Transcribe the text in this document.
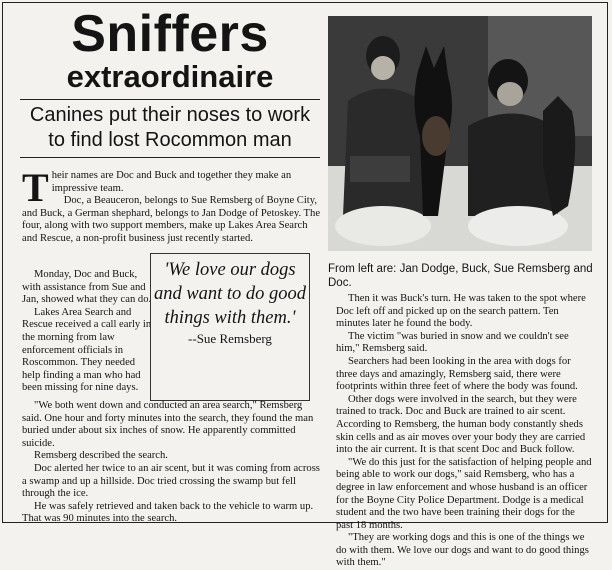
Sniffers
extraordinaire
Canines put their noses to work to find lost Rocommon man

Their names are Doc and Buck and together they make an impressive team.

Doc, a Beauceron, belongs to Sue Remsberg of Boyne City, and Buck, a German shephard, belongs to Jan Dodge of Petoskey. The four, along with two support members, make up Lakes Area Search and Rescue, a non-profit business just recently started.

Monday, Doc and Buck, with assistance from Sue and Jan, showed what they can do.

Lakes Area Search and Rescue received a call early in the morning from law enforcement officials in Roscommon. They needed help finding a man who had been missing for nine days.

"We both went down and conducted an area search," Remsberg said. One hour and forty minutes into the search, they found the man buried under about six inches of snow. He apparently committed suicide.

Remsberg described the search.

Doc alerted her twice to an air scent, but it was coming from across a swamp and up a hillside. Doc tried crossing the swamp but fell through the ice.

He was safely retrieved and taken back to the vehicle to warm up. That was 90 minutes into the search.

'We love our dogs and want to do good things with them.'
--Sue Remsberg
From left are: Jan Dodge, Buck, Sue Remsberg and Doc.

Then it was Buck's turn. He was taken to the spot where Doc left off and picked up on the search pattern. Ten minutes later he found the body.

The victim "was buried in snow and we couldn't see him," Remsberg said.

Searchers had been looking in the area with dogs for three days and amazingly, Remsberg said, there were footprints within three feet of where the body was found.

Other dogs were involved in the search, but they were trained to track. Doc and Buck are trained to air scent. According to Remsberg, the human body constantly sheds skin cells and as air moves over your body they are carried into the air current. It is that scent Doc and Buck follow.

"We do this just for the satisfaction of helping people and being able to work our dogs," said Remsberg, who has a degree in law enforcement and whose husband is an officer for the Boyne City Police Department. Dodge is a medical student and the two have been training their dogs for the past 18 months.

"They are working dogs and this is one of the things we do with them. We love our dogs and want to do good things with them."
